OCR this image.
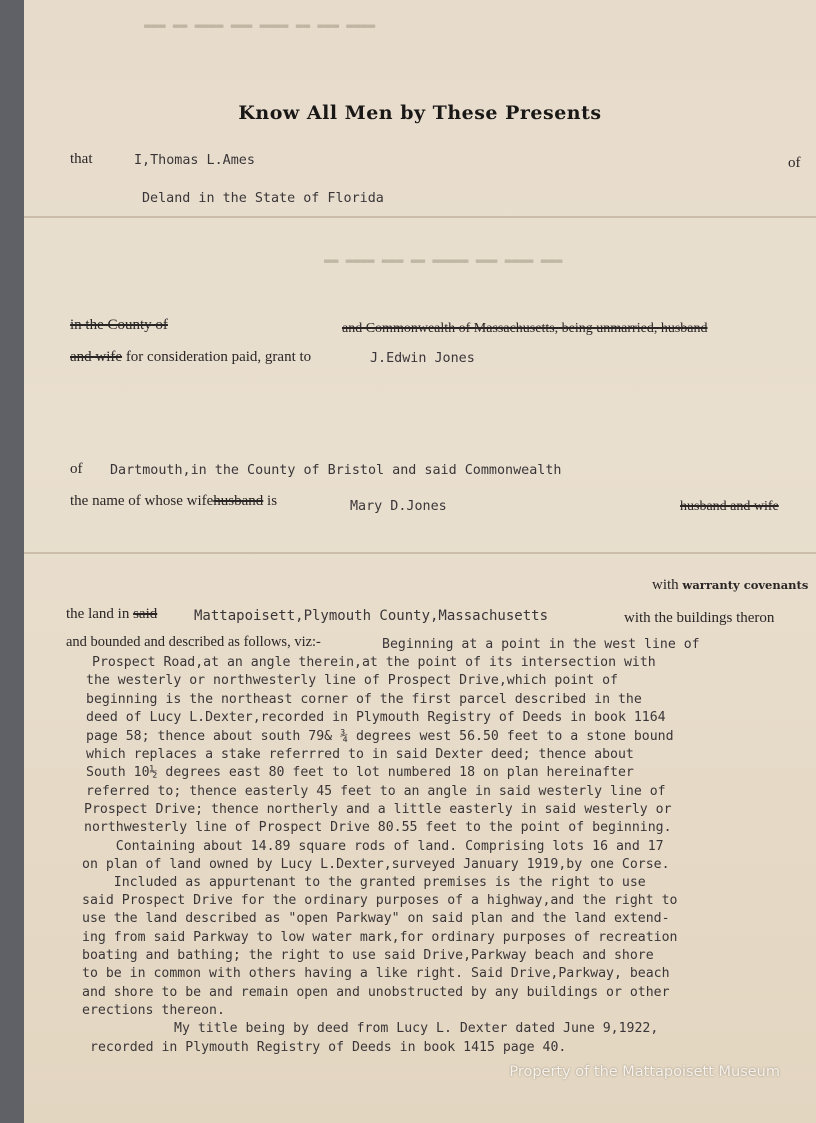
▬▬▬ ▬▬ ▬▬▬▬ ▬▬▬ ▬▬▬▬ ▬▬ ▬▬▬ ▬▬▬▬
▬▬ ▬▬▬▬ ▬▬▬ ▬▬ ▬▬▬▬▬ ▬▬▬ ▬▬▬▬ ▬▬▬
Know All Men by These Presents
that	I,Thomas L.Ames	of
Deland in the State of Florida
in the County of	and Commonwealth of Massachusetts, being unmarried, husband
and wife for consideration paid, grant to	J.Edwin Jones
of Dartmouth,in the County of Bristol and said Commonwealth
the name of whose wifehusband is	Mary D.Jones	husband and wife
with warranty covenants
the land in said	Mattapoisett,Plymouth County,Massachusetts	with the buildings theron
and bounded and described as follows, viz:-	Beginning at a point in the west line of
Prospect Road,at an angle therein,at the point of its intersection with
the westerly or northwesterly line of Prospect Drive,which point of
beginning is the northeast corner of the first parcel described in the
deed of Lucy L.Dexter,recorded in Plymouth Registry of Deeds in book 1164
page 58; thence about south 79& ¾ degrees west 56.50 feet to a stone bound
which replaces a stake referrred to in said Dexter deed; thence about
South 10½ degrees east 80 feet to lot numbered 18 on plan hereinafter
referred to; thence easterly 45 feet to an angle in said westerly line of
Prospect Drive; thence northerly and a little easterly in said westerly or
northwesterly line of Prospect Drive 80.55 feet to the point of beginning.
Containing about 14.89 square rods of land. Comprising lots 16 and 17
on plan of land owned by Lucy L.Dexter,surveyed January 1919,by one Corse.
Included as appurtenant to the granted premises is the right to use
said Prospect Drive for the ordinary purposes of a highway,and the right to
use the land described as "open Parkway" on said plan and the land extend-
ing from said Parkway to low water mark,for ordinary purposes of recreation
boating and bathing; the right to use said Drive,Parkway beach and shore
to be in common with others having a like right. Said Drive,Parkway, beach
and shore to be and remain open and unobstructed by any buildings or other
erections thereon.
My title being by deed from Lucy L. Dexter dated June 9,1922,
recorded in Plymouth Registry of Deeds in book 1415 page 40.
Property of the Mattapoisett Museum
